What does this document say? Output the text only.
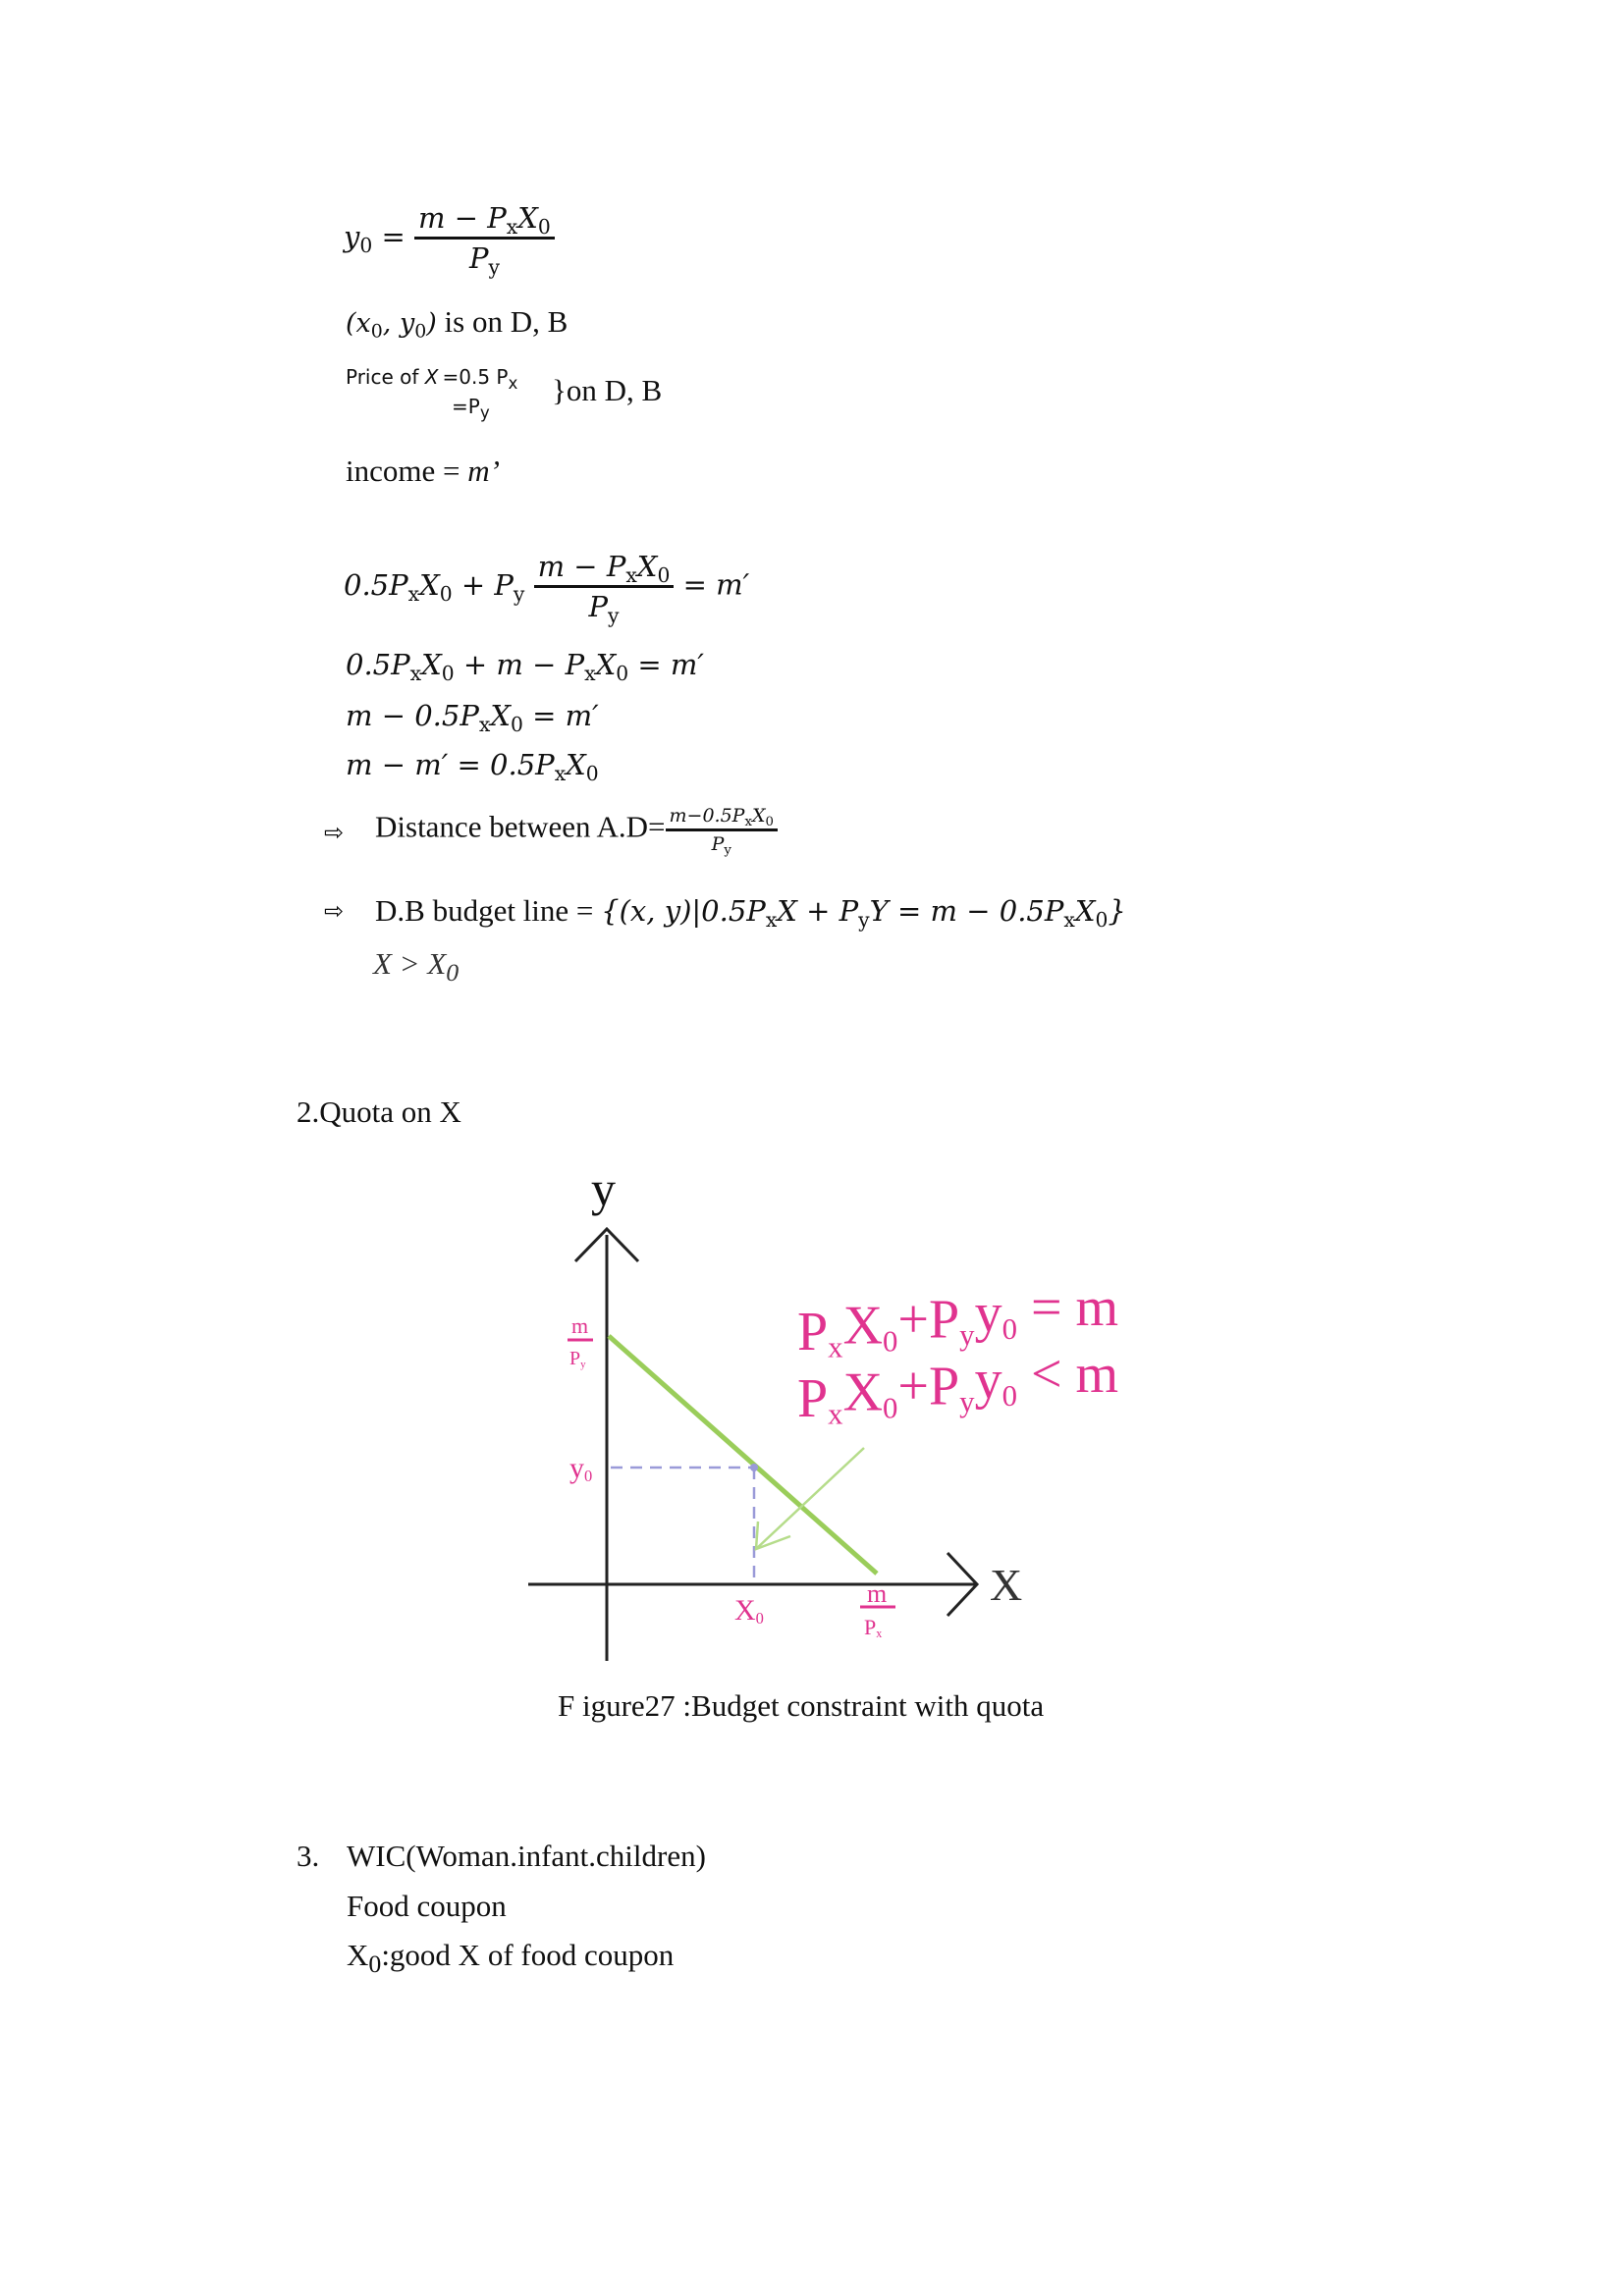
$y_0 = \frac{m - P_xX_0}{P_y}$
($x_0$, $y_0$) is on D, B
Price of X =0.5 $P_x$
$=P_y$
}on D, B
income = m’
$0.5P_xX_0 + P_y \frac{m - P_xX_0}{P_y} = m'$
$0.5P_xX_0 + m - P_xX_0 = m'$
$m - 0.5P_xX_0 = m'$
$m - m' = 0.5P_xX_0$
⇨ Distance between $A.D= \frac{m-0.5P_xX_0}{P_y}$
⇨ D.B budget line = {(x, $y)|0.5P_xX + P_yY = m - 0.5P_xX_0$}
$X > X_0$
2.Quota on X
y
X
m
Py
y0
X0
m
Px
PxX0+Pyy0 = m
PxX0+Pyy0 < m
F igure27 :Budget constraint with quota
3. WIC(Woman.infant.children)
Food coupon
$X_0:good$ X of food coupon
